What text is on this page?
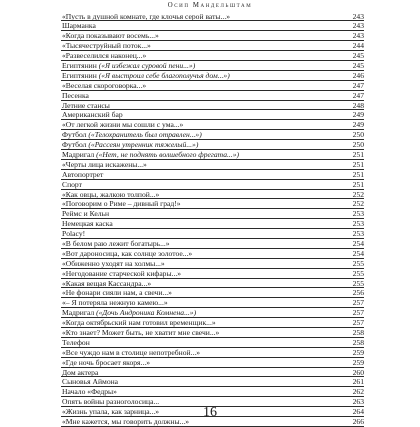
Осип Мандельштам
«Пусть в душной комнате, где клочья серой ваты...»	243
Шарманка	243
«Когда показывают восемь...»	243
«Тысячеструйный поток...»	244
«Развеселился наконец...»	245
Египтянин («Я избежал суровой пени...»)	245
Египтянин («Я выстроил себе благополучья дом...»)	246
«Веселая скороговорка...»	247
Песенка	247
Летние стансы	248
Американский бар	249
«От легкой жизни мы сошли с ума...»	249
Футбол («Телохранитель был отравлен...»)	250
Футбол («Рассеян утренник тяжелый...»)	250
Мадригал («Нет, не поднять волшебного фрегата...»)	251
«Черты лица искажены...»	251
Автопортрет	251
Спорт	251
«Как овцы, жалкою толпой...»	252
«Поговорим о Риме – дивный град!»	252
Реймс и Кельн	253
Немецкая каска	253
Polacy!	253
«В белом раю лежит богатырь...»	254
«Вот дароносица, как солнце золотое...»	254
«Обиженно уходят на холмы...»	255
«Негодование старческой кифары...»	255
«Какая вещая Кассандра...»	255
«Не фонари сияли нам, а свечи...»	256
«– Я потеряла нежную камею...»	257
Мадригал («Дочь Андроника Комнена...»)	257
«Когда октябрьский нам готовил временщик...»	257
«Кто знает? Может быть, не хватит мне свечи...»	258
Телефон	258
«Все чуждо нам в столице непотребной...»	259
«Где ночь бросает якоря...»	259
Дом актера	260
Сыновья Аймона	261
Начало «Федры»	262
Опять войны разноголосица...	263
«Жизнь упала, как зарница...»	264
«Мне кажется, мы говорить должны...»	266
16
